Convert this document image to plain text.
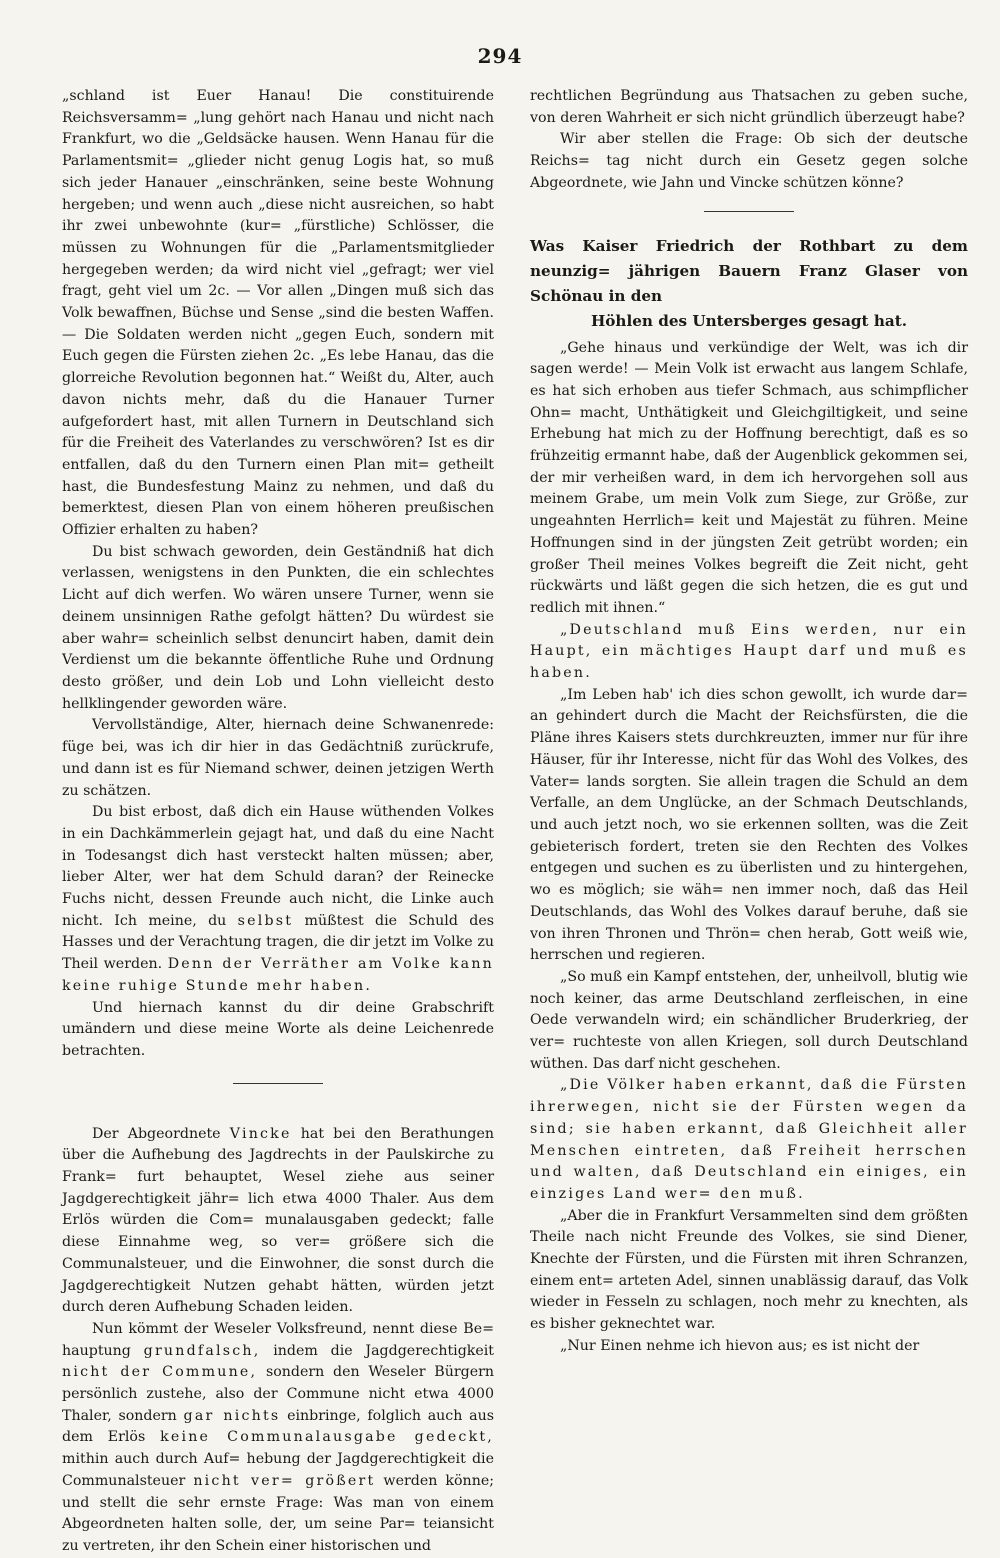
294

„schland ist Euer Hanau! Die constituirende Reichsversamm= „lung gehört nach Hanau und nicht nach Frankfurt, wo die „Geldsäcke hausen. Wenn Hanau für die Parlamentsmit= „glieder nicht genug Logis hat, so muß sich jeder Hanauer „einschränken, seine beste Wohnung hergeben; und wenn auch „diese nicht ausreichen, so habt ihr zwei unbewohnte (kur= „fürstliche) Schlösser, die müssen zu Wohnungen für die „Parlamentsmitglieder hergegeben werden; da wird nicht viel „gefragt; wer viel fragt, geht viel um 2c. — Vor allen „Dingen muß sich das Volk bewaffnen, Büchse und Sense „sind die besten Waffen. — Die Soldaten werden nicht „gegen Euch, sondern mit Euch gegen die Fürsten ziehen 2c. „Es lebe Hanau, das die glorreiche Revolution begonnen hat.“ Weißt du, Alter, auch davon nichts mehr, daß du die Hanauer Turner aufgefordert hast, mit allen Turnern in Deutschland sich für die Freiheit des Vaterlandes zu verschwören? Ist es dir entfallen, daß du den Turnern einen Plan mit= getheilt hast, die Bundesfestung Mainz zu nehmen, und daß du bemerktest, diesen Plan von einem höheren preußischen Offizier erhalten zu haben?

Du bist schwach geworden, dein Geständniß hat dich verlassen, wenigstens in den Punkten, die ein schlechtes Licht auf dich werfen. Wo wären unsere Turner, wenn sie deinem unsinnigen Rathe gefolgt hätten? Du würdest sie aber wahr= scheinlich selbst denuncirt haben, damit dein Verdienst um die bekannte öffentliche Ruhe und Ordnung desto größer, und dein Lob und Lohn vielleicht desto hellklingender geworden wäre.

Vervollständige, Alter, hiernach deine Schwanenrede: füge bei, was ich dir hier in das Gedächtniß zurückrufe, und dann ist es für Niemand schwer, deinen jetzigen Werth zu schätzen.

Du bist erbost, daß dich ein Hause wüthenden Volkes in ein Dachkämmerlein gejagt hat, und daß du eine Nacht in Todesangst dich hast versteckt halten müssen; aber, lieber Alter, wer hat dem Schuld daran? der Reinecke Fuchs nicht, dessen Freunde auch nicht, die Linke auch nicht. Ich meine, du selbst müßtest die Schuld des Hasses und der Verachtung tragen, die dir jetzt im Volke zu Theil werden. Denn der Verräther am Volke kann keine ruhige Stunde mehr haben.

Und hiernach kannst du dir deine Grabschrift umändern und diese meine Worte als deine Leichenrede betrachten.

Der Abgeordnete Vincke hat bei den Berathungen über die Aufhebung des Jagdrechts in der Paulskirche zu Frank= furt behauptet, Wesel ziehe aus seiner Jagdgerechtigkeit jähr= lich etwa 4000 Thaler. Aus dem Erlös würden die Com= munalausgaben gedeckt; falle diese Einnahme weg, so ver= größere sich die Communalsteuer, und die Einwohner, die sonst durch die Jagdgerechtigkeit Nutzen gehabt hätten, würden jetzt durch deren Aufhebung Schaden leiden.

Nun kömmt der Weseler Volksfreund, nennt diese Be= hauptung grundfalsch, indem die Jagdgerechtigkeit nicht der Commune, sondern den Weseler Bürgern persönlich zustehe, also der Commune nicht etwa 4000 Thaler, sondern gar nichts einbringe, folglich auch aus dem Erlös keine Communalausgabe gedeckt, mithin auch durch Auf= hebung der Jagdgerechtigkeit die Communalsteuer nicht ver= größert werden könne; und stellt die sehr ernste Frage: Was man von einem Abgeordneten halten solle, der, um seine Par= teiansicht zu vertreten, ihr den Schein einer historischen und

rechtlichen Begründung aus Thatsachen zu geben suche, von deren Wahrheit er sich nicht gründlich überzeugt habe?

Wir aber stellen die Frage: Ob sich der deutsche Reichs= tag nicht durch ein Gesetz gegen solche Abgeordnete, wie Jahn und Vincke schützen könne?

Was Kaiser Friedrich der Rothbart zu dem neunzig= jährigen Bauern Franz Glaser von Schönau in den
Höhlen des Untersberges gesagt hat.

„Gehe hinaus und verkündige der Welt, was ich dir sagen werde! — Mein Volk ist erwacht aus langem Schlafe, es hat sich erhoben aus tiefer Schmach, aus schimpflicher Ohn= macht, Unthätigkeit und Gleichgiltigkeit, und seine Erhebung hat mich zu der Hoffnung berechtigt, daß es so frühzeitig ermannt habe, daß der Augenblick gekommen sei, der mir verheißen ward, in dem ich hervorgehen soll aus meinem Grabe, um mein Volk zum Siege, zur Größe, zur ungeahnten Herrlich= keit und Majestät zu führen. Meine Hoffnungen sind in der jüngsten Zeit getrübt worden; ein großer Theil meines Volkes begreift die Zeit nicht, geht rückwärts und läßt gegen die sich hetzen, die es gut und redlich mit ihnen.“

„Deutschland muß Eins werden, nur ein Haupt, ein mächtiges Haupt darf und muß es haben.

„Im Leben hab' ich dies schon gewollt, ich wurde dar= an gehindert durch die Macht der Reichsfürsten, die die Pläne ihres Kaisers stets durchkreuzten, immer nur für ihre Häuser, für ihr Interesse, nicht für das Wohl des Volkes, des Vater= lands sorgten. Sie allein tragen die Schuld an dem Verfalle, an dem Unglücke, an der Schmach Deutschlands, und auch jetzt noch, wo sie erkennen sollten, was die Zeit gebieterisch fordert, treten sie den Rechten des Volkes entgegen und suchen es zu überlisten und zu hintergehen, wo es möglich; sie wäh= nen immer noch, daß das Heil Deutschlands, das Wohl des Volkes darauf beruhe, daß sie von ihren Thronen und Thrön= chen herab, Gott weiß wie, herrschen und regieren.

„So muß ein Kampf entstehen, der, unheilvoll, blutig wie noch keiner, das arme Deutschland zerfleischen, in eine Oede verwandeln wird; ein schändlicher Bruderkrieg, der ver= ruchteste von allen Kriegen, soll durch Deutschland wüthen. Das darf nicht geschehen.

„Die Völker haben erkannt, daß die Fürsten ihrerwegen, nicht sie der Fürsten wegen da sind; sie haben erkannt, daß Gleichheit aller Menschen eintreten, daß Freiheit herrschen und walten, daß Deutschland ein einiges, ein einziges Land wer= den muß.

„Aber die in Frankfurt Versammelten sind dem größten Theile nach nicht Freunde des Volkes, sie sind Diener, Knechte der Fürsten, und die Fürsten mit ihren Schranzen, einem ent= arteten Adel, sinnen unablässig darauf, das Volk wieder in Fesseln zu schlagen, noch mehr zu knechten, als es bisher geknechtet war.

„Nur Einen nehme ich hievon aus; es ist nicht der
